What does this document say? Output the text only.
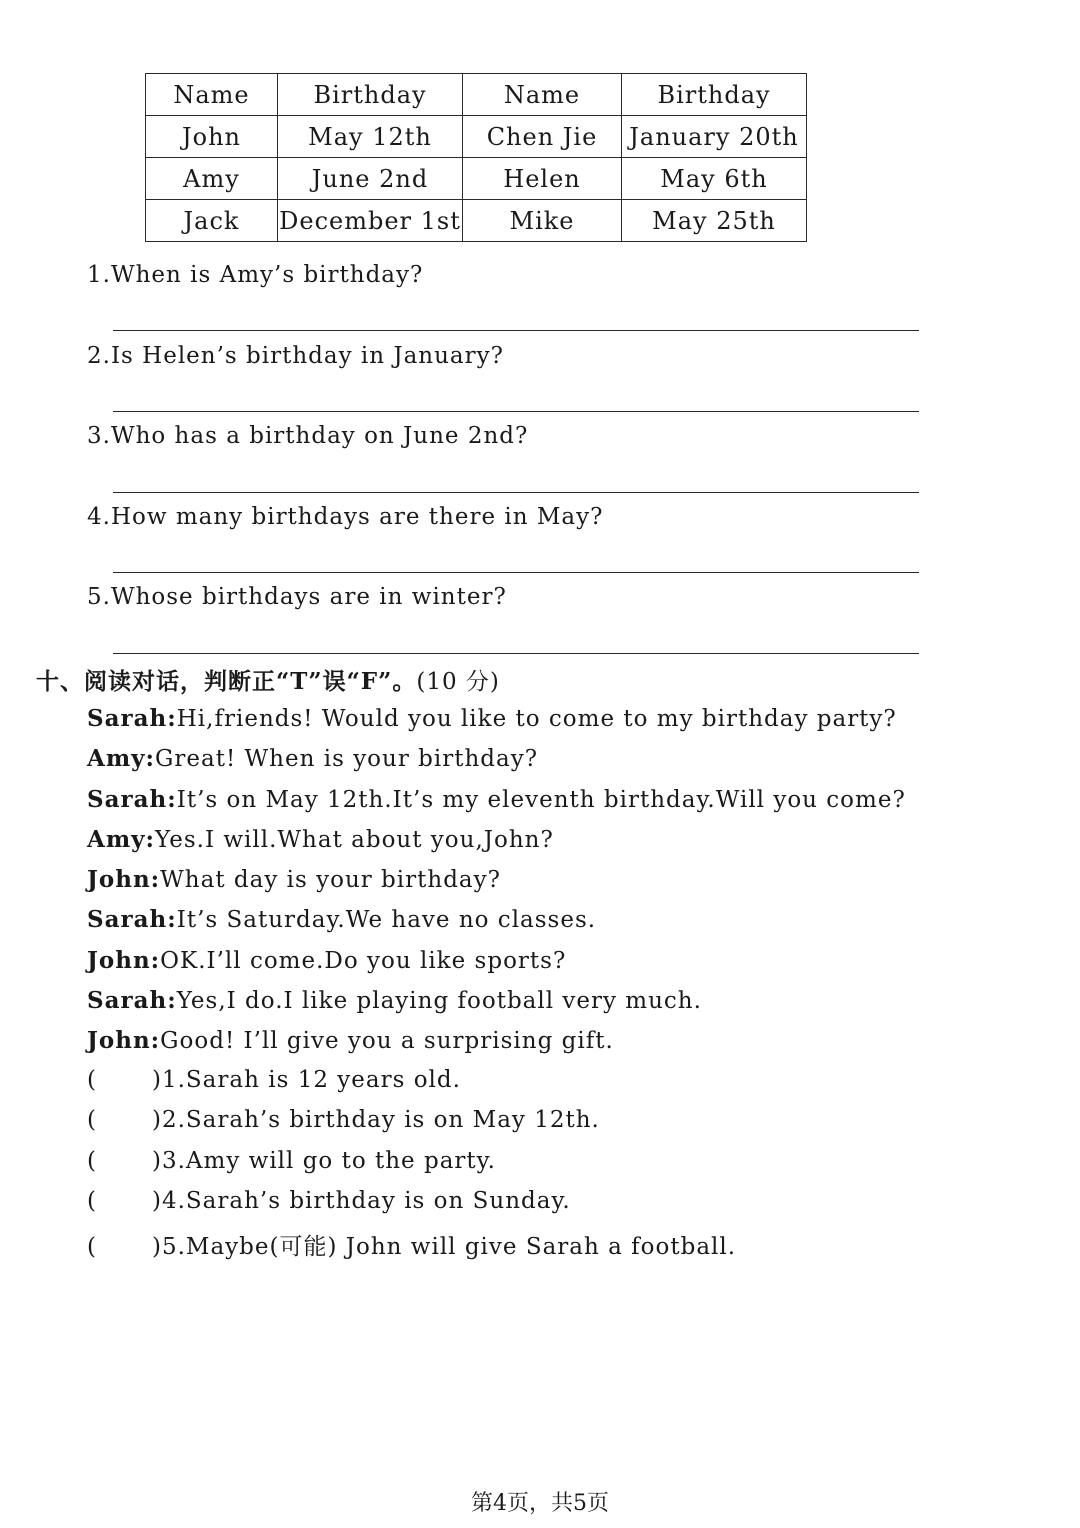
Name	Birthday	Name	Birthday
John	May 12th	Chen Jie	January 20th
Amy	June 2nd	Helen	May 6th
Jack	December 1st	Mike	May 25th
1.When is Amy’s birthday?
2.Is Helen’s birthday in January?
3.Who has a birthday on June 2nd?
4.How many birthdays are there in May?
5.Whose birthdays are in winter?
十、阅读对话，判断正“T”误“F”。(10 分)
Sarah:Hi,friends! Would you like to come to my birthday party?
Amy:Great! When is your birthday?
Sarah:It’s on May 12th.It’s my eleventh birthday.Will you come?
Amy:Yes.I will.What about you,John?
John:What day is your birthday?
Sarah:It’s Saturday.We have no classes.
John:OK.I’ll come.Do you like sports?
Sarah:Yes,I do.I like playing football very much.
John:Good! I’ll give you a surprising gift.
( )1.Sarah is 12 years old.
( )2.Sarah’s birthday is on May 12th.
( )3.Amy will go to the party.
( )4.Sarah’s birthday is on Sunday.
( )5.Maybe(可能) John will give Sarah a football.
第4页，共5页
